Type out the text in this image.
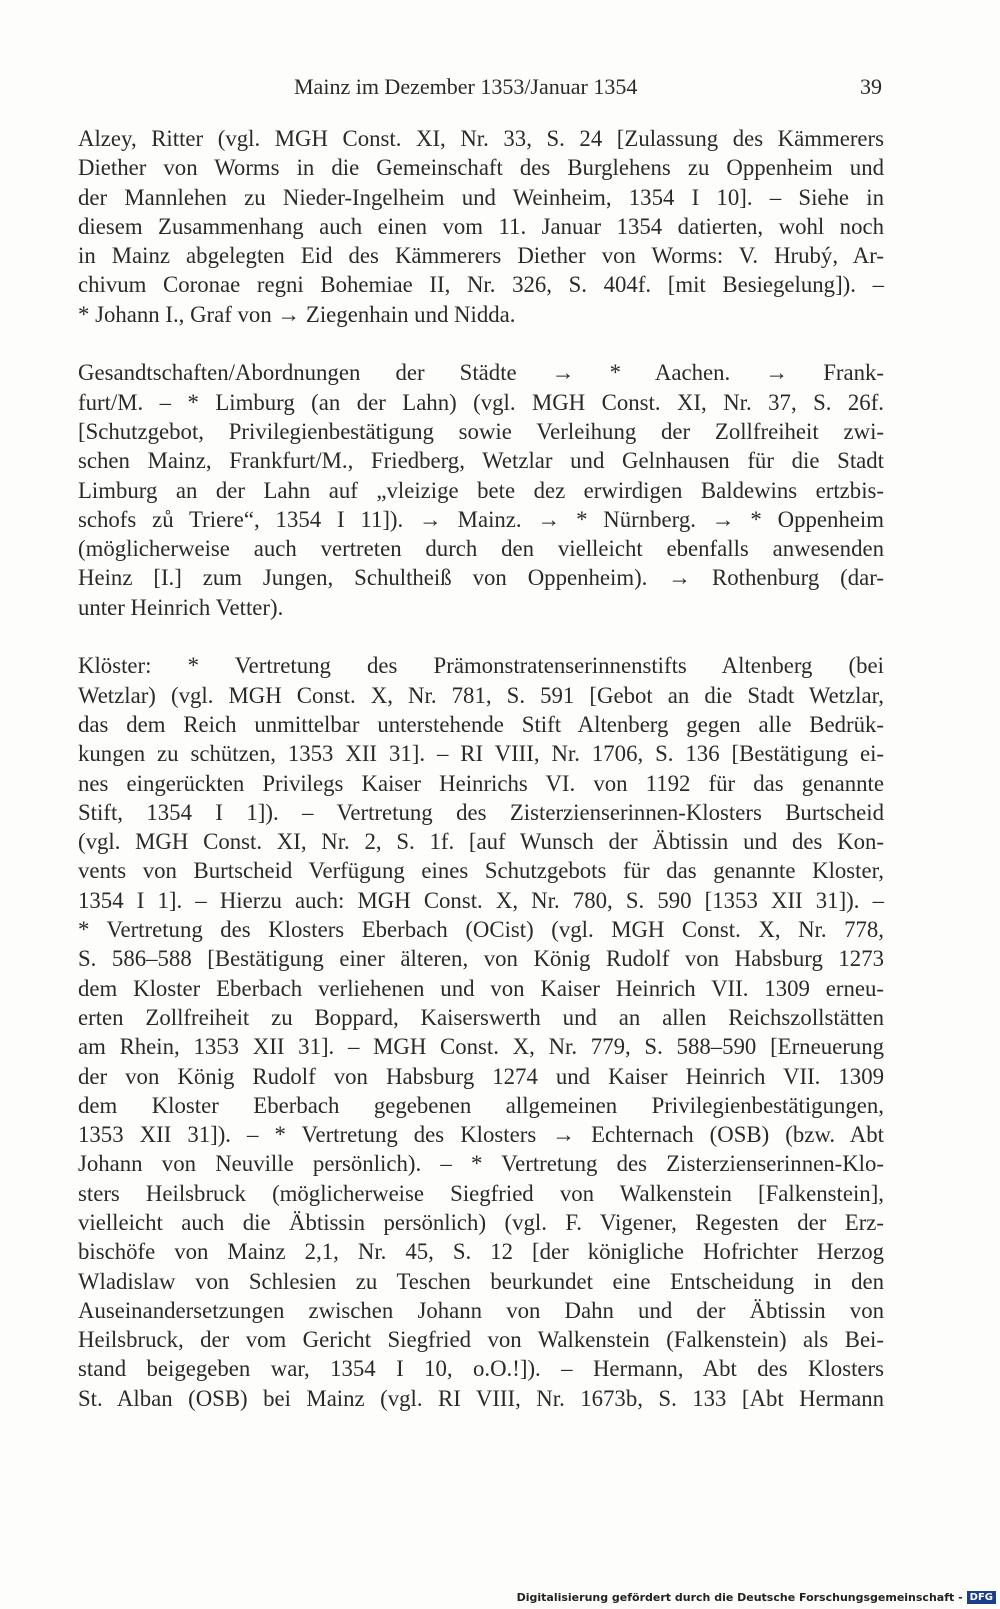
Mainz im Dezember 1353/Januar 1354	39
Alzey, Ritter (vgl. MGH Const. XI, Nr. 33, S. 24 [Zulassung des Kämmerers
Diether von Worms in die Gemeinschaft des Burglehens zu Oppenheim und
der Mannlehen zu Nieder-Ingelheim und Weinheim, 1354 I 10]. – Siehe in
diesem Zusammenhang auch einen vom 11. Januar 1354 datierten, wohl noch
in Mainz abgelegten Eid des Kämmerers Diether von Worms: V. Hrubý, Ar-
chivum Coronae regni Bohemiae II, Nr. 326, S. 404f. [mit Besiegelung]). –
* Johann I., Graf von → Ziegenhain und Nidda.
Gesandtschaften/Abordnungen der Städte → * Aachen. → Frank-
furt/M. – * Limburg (an der Lahn) (vgl. MGH Const. XI, Nr. 37, S. 26f.
[Schutzgebot, Privilegienbestätigung sowie Verleihung der Zollfreiheit zwi-
schen Mainz, Frankfurt/M., Friedberg, Wetzlar und Gelnhausen für die Stadt
Limburg an der Lahn auf „vleizige bete dez erwirdigen Baldewins ertzbis-
schofs zů Triere“, 1354 I 11]). → Mainz. → * Nürnberg. → * Oppenheim
(möglicherweise auch vertreten durch den vielleicht ebenfalls anwesenden
Heinz [I.] zum Jungen, Schultheiß von Oppenheim). → Rothenburg (dar-
unter Heinrich Vetter).
Klöster: * Vertretung des Prämonstratenserinnenstifts Altenberg (bei
Wetzlar) (vgl. MGH Const. X, Nr. 781, S. 591 [Gebot an die Stadt Wetzlar,
das dem Reich unmittelbar unterstehende Stift Altenberg gegen alle Bedrük-
kungen zu schützen, 1353 XII 31]. – RI VIII, Nr. 1706, S. 136 [Bestätigung ei-
nes eingerückten Privilegs Kaiser Heinrichs VI. von 1192 für das genannte
Stift, 1354 I 1]). – Vertretung des Zisterzienserinnen-Klosters Burtscheid
(vgl. MGH Const. XI, Nr. 2, S. 1f. [auf Wunsch der Äbtissin und des Kon-
vents von Burtscheid Verfügung eines Schutzgebots für das genannte Kloster,
1354 I 1]. – Hierzu auch: MGH Const. X, Nr. 780, S. 590 [1353 XII 31]). –
* Vertretung des Klosters Eberbach (OCist) (vgl. MGH Const. X, Nr. 778,
S. 586–588 [Bestätigung einer älteren, von König Rudolf von Habsburg 1273
dem Kloster Eberbach verliehenen und von Kaiser Heinrich VII. 1309 erneu-
erten Zollfreiheit zu Boppard, Kaiserswerth und an allen Reichszollstätten
am Rhein, 1353 XII 31]. – MGH Const. X, Nr. 779, S. 588–590 [Erneuerung
der von König Rudolf von Habsburg 1274 und Kaiser Heinrich VII. 1309
dem Kloster Eberbach gegebenen allgemeinen Privilegienbestätigungen,
1353 XII 31]). – * Vertretung des Klosters → Echternach (OSB) (bzw. Abt
Johann von Neuville persönlich). – * Vertretung des Zisterzienserinnen-Klo-
sters Heilsbruck (möglicherweise Siegfried von Walkenstein [Falkenstein],
vielleicht auch die Äbtissin persönlich) (vgl. F. Vigener, Regesten der Erz-
bischöfe von Mainz 2,1, Nr. 45, S. 12 [der königliche Hofrichter Herzog
Wladislaw von Schlesien zu Teschen beurkundet eine Entscheidung in den
Auseinandersetzungen zwischen Johann von Dahn und der Äbtissin von
Heilsbruck, der vom Gericht Siegfried von Walkenstein (Falkenstein) als Bei-
stand beigegeben war, 1354 I 10, o.O.!]). – Hermann, Abt des Klosters
St. Alban (OSB) bei Mainz (vgl. RI VIII, Nr. 1673b, S. 133 [Abt Hermann
Digitalisierung gefördert durch die Deutsche Forschungsgemeinschaft - DFG
